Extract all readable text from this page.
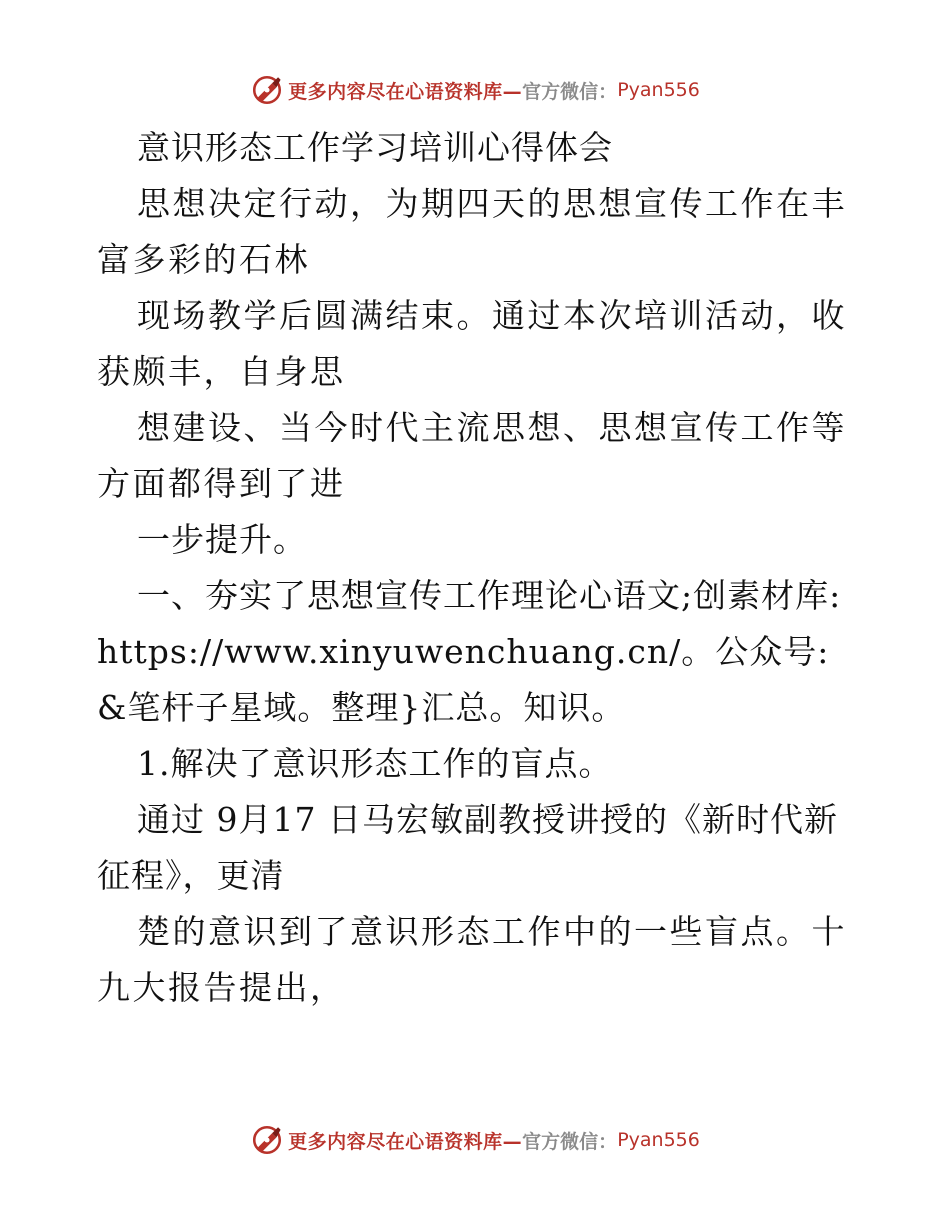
更多内容尽在心语资料库— 官方微信： Pyan556

意识形态工作学习培训心得体会

思想决定行动，为期四天的思想宣传工作在丰富多彩的石林

现场教学后圆满结束。通过本次培训活动，收获颇丰，自身思

想建设、当今时代主流思想、思想宣传工作等方面都得到了进

一步提升。

一、夯实了思想宣传工作理论心语文;创素材库: https://www.xinyuwenchuang.cn/。公众号: &笔杆子星域。整理}汇总。知识。

1.解决了意识形态工作的盲点。

通过 9月17 日马宏敏副教授讲授的《新时代新征程》，更清

楚的意识到了意识形态工作中的一些盲点。十九大报告提出，

更多内容尽在心语资料库— 官方微信： Pyan556
